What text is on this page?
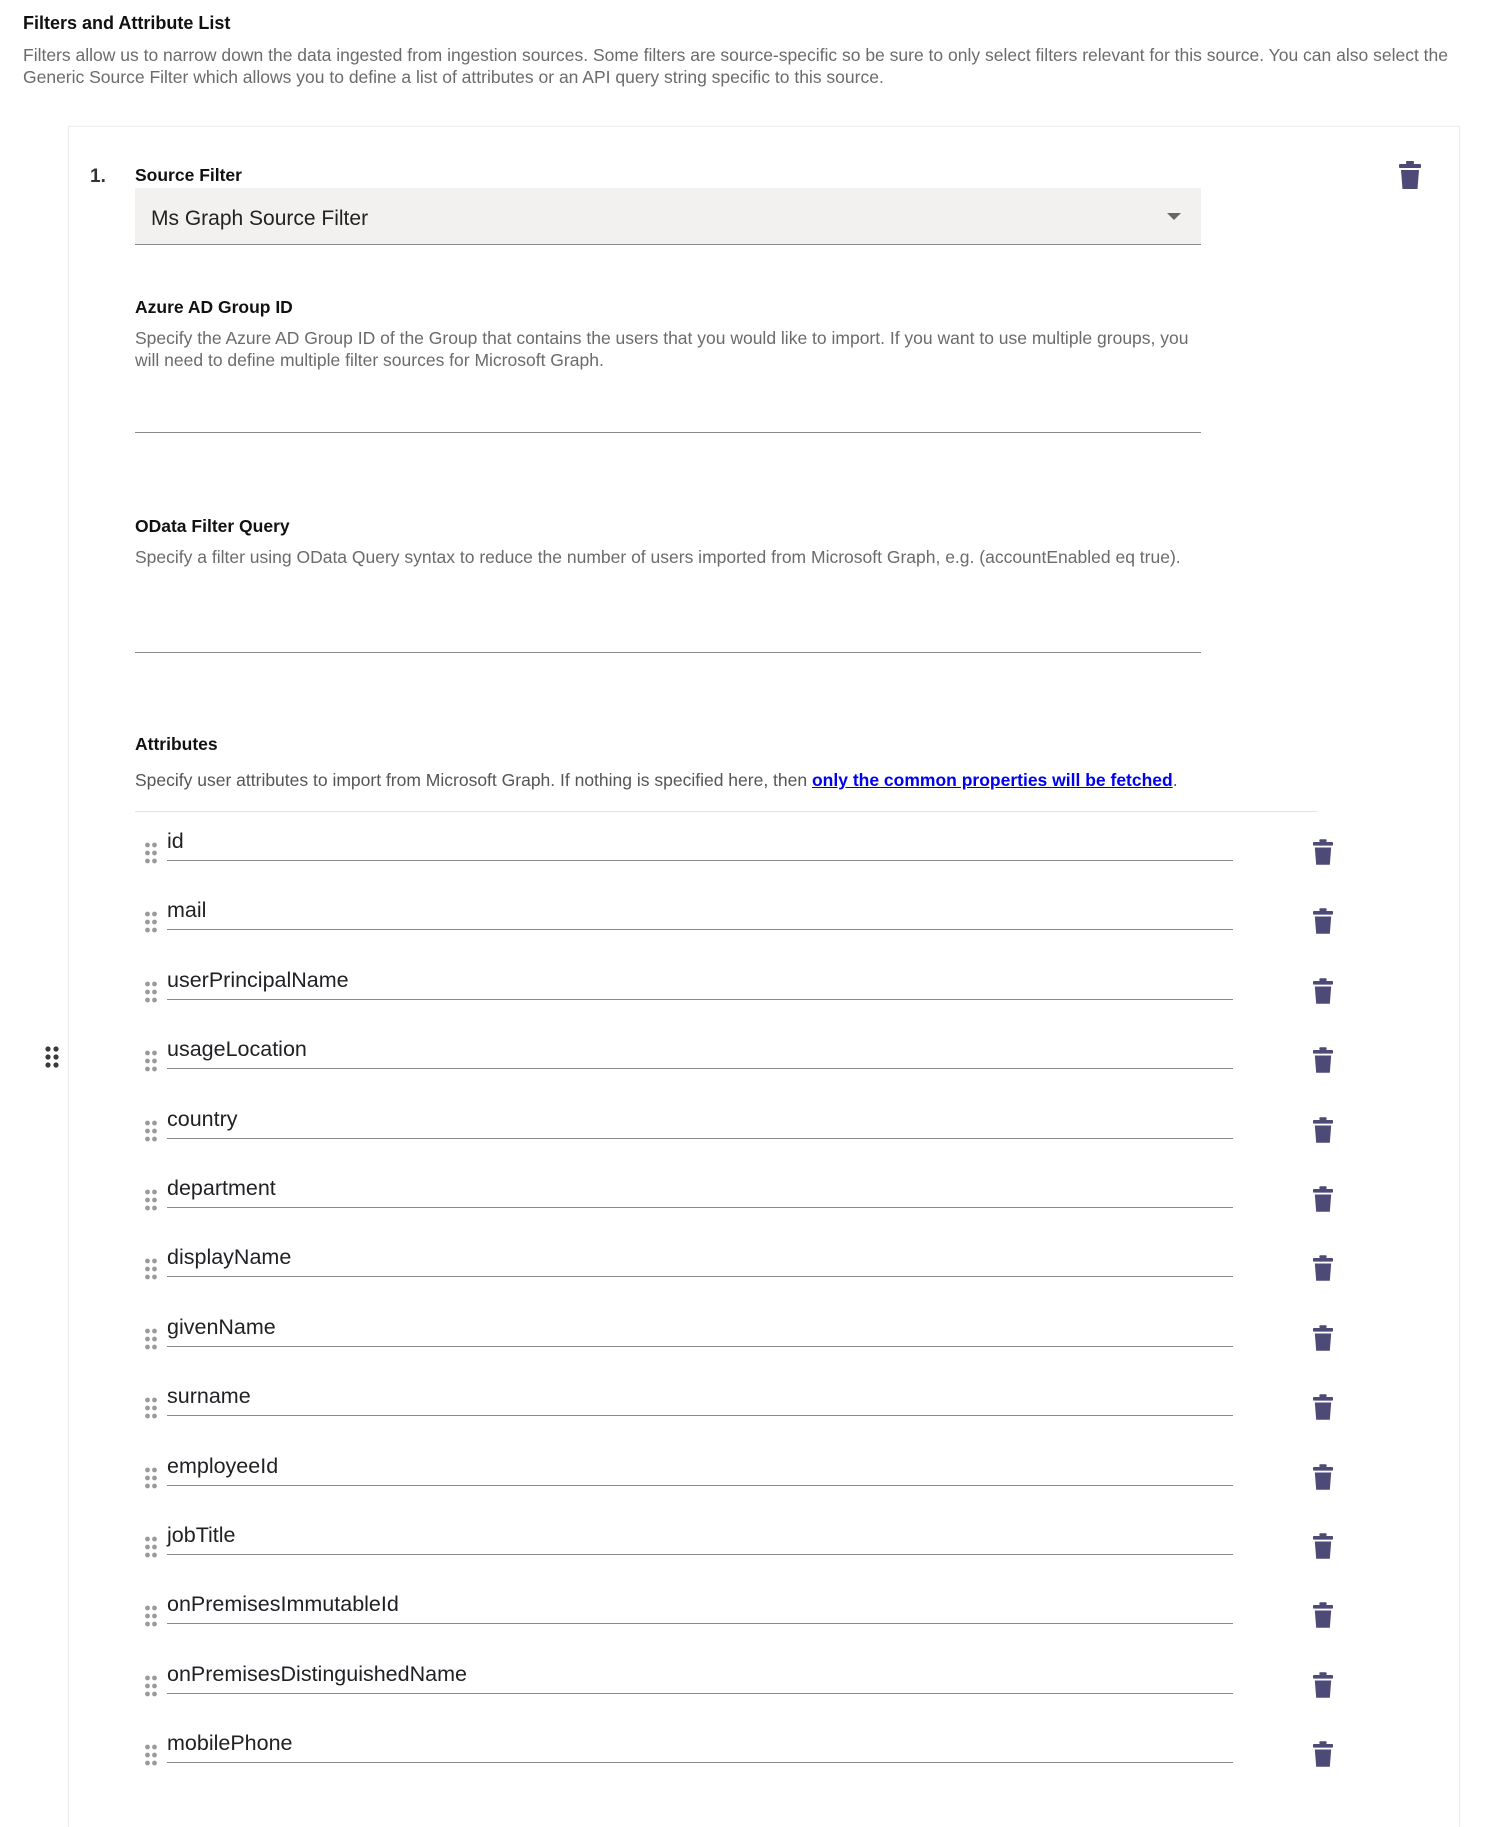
Filters and Attribute List
Filters allow us to narrow down the data ingested from ingestion sources. Some filters are source-specific so be sure to only select filters relevant for this source. You can also select the Generic Source Filter which allows you to define a list of attributes or an API query string specific to this source.
1. Source Filter
Ms Graph Source Filter
Azure AD Group ID
Specify the Azure AD Group ID of the Group that contains the users that you would like to import. If you want to use multiple groups, you will need to define multiple filter sources for Microsoft Graph.
OData Filter Query
Specify a filter using OData Query syntax to reduce the number of users imported from Microsoft Graph, e.g. (accountEnabled eq true).
Attributes
Specify user attributes to import from Microsoft Graph. If nothing is specified here, then only the common properties will be fetched.
id
mail
userPrincipalName
usageLocation
country
department
displayName
givenName
surname
employeeId
jobTitle
onPremisesImmutableId
onPremisesDistinguishedName
mobilePhone
